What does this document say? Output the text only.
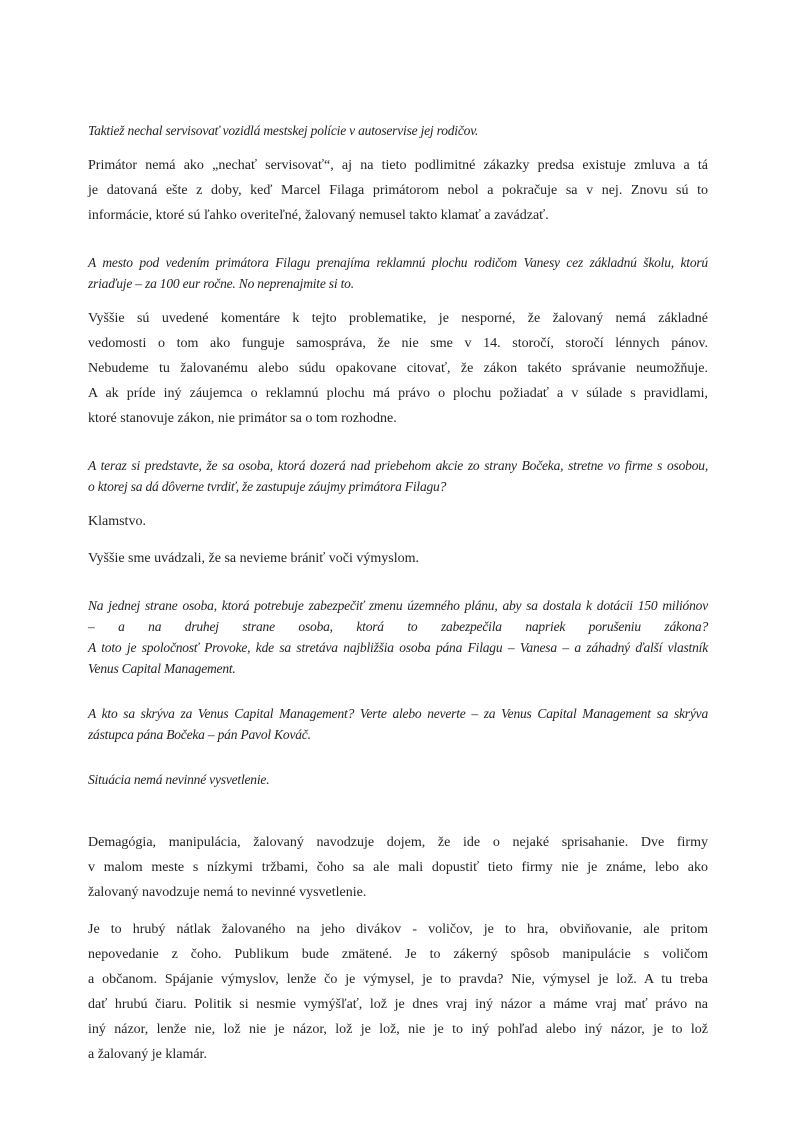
Taktiež nechal servisovať vozidlá mestskej polície v autoservise jej rodičov.
Primátor nemá ako „nechať servisovať“, aj na tieto podlimitné zákazky predsa existuje zmluva a tá
je datovaná ešte z doby, keď Marcel Filaga primátorom nebol a pokračuje sa v nej. Znovu sú to
informácie, ktoré sú ľahko overiteľné, žalovaný nemusel takto klamať a zavádzať.
A mesto pod vedením primátora Filagu prenajíma reklamnú plochu rodičom Vanesy cez základnú školu, ktorú
zriaďuje – za 100 eur ročne. No neprenajmite si to.
Vyššie sú uvedené komentáre k tejto problematike, je nesporné, že žalovaný nemá základné
vedomosti o tom ako funguje samospráva, že nie sme v 14. storočí, storočí lénnych pánov.
Nebudeme tu žalovanému alebo súdu opakovane citovať, že zákon takéto správanie neumožňuje.
A ak príde iný záujemca o reklamnú plochu má právo o plochu požiadať a v súlade s pravidlami,
ktoré stanovuje zákon, nie primátor sa o tom rozhodne.
A teraz si predstavte, že sa osoba, ktorá dozerá nad priebehom akcie zo strany Bočeka, stretne vo firme s osobou,
o ktorej sa dá dôverne tvrdiť, že zastupuje záujmy primátora Filagu?
Klamstvo.
Vyššie sme uvádzali, že sa nevieme brániť voči výmyslom.
Na jednej strane osoba, ktorá potrebuje zabezpečiť zmenu územného plánu, aby sa dostala k dotácii 150 miliónov
– a na druhej strane osoba, ktorá to zabezpečila napriek porušeniu zákona?
A toto je spoločnosť Provoke, kde sa stretáva najbližšia osoba pána Filagu – Vanesa – a záhadný ďalší vlastník
Venus Capital Management.
A kto sa skrýva za Venus Capital Management? Verte alebo neverte – za Venus Capital Management sa skrýva
zástupca pána Bočeka – pán Pavol Kováč.
Situácia nemá nevinné vysvetlenie.
Demagógia, manipulácia, žalovaný navodzuje dojem, že ide o nejaké sprisahanie. Dve firmy
v malom meste s nízkymi tržbami, čoho sa ale mali dopustiť tieto firmy nie je známe, lebo ako
žalovaný navodzuje nemá to nevinné vysvetlenie.
Je to hrubý nátlak žalovaného na jeho divákov - voličov, je to hra, obviňovanie, ale pritom
nepovedanie z čoho. Publikum bude zmätené. Je to zákerný spôsob manipulácie s voličom
a občanom. Spájanie výmyslov, lenže čo je výmysel, je to pravda? Nie, výmysel je lož. A tu treba
dať hrubú čiaru. Politik si nesmie vymýšľať, lož je dnes vraj iný názor a máme vraj mať právo na
iný názor, lenže nie, lož nie je názor, lož je lož, nie je to iný pohľad alebo iný názor, je to lož
a žalovaný je klamár.
